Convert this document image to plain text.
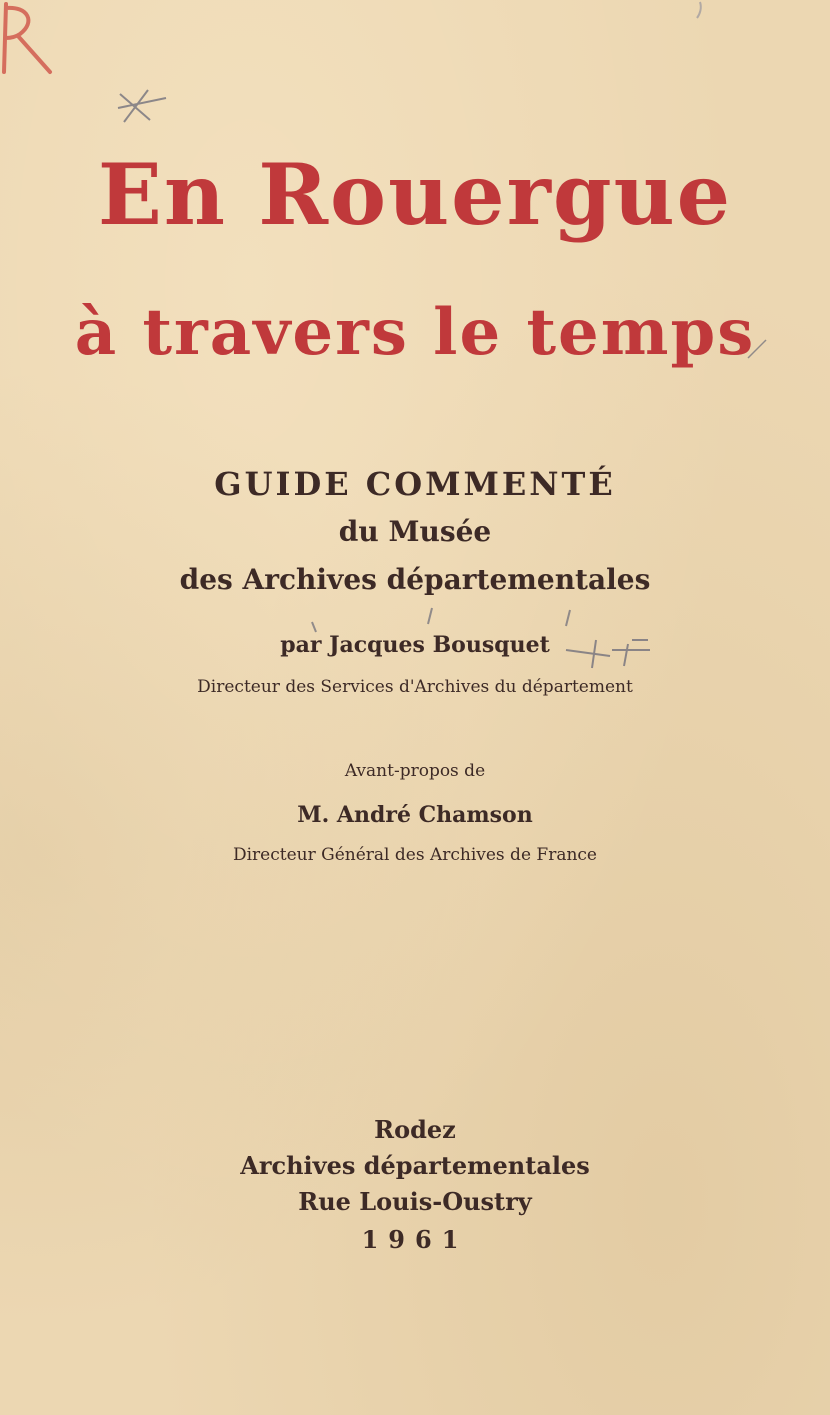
En Rouergue
à travers le temps
GUIDE COMMENTÉ
du Musée
des Archives départementales
par Jacques Bousquet
Directeur des Services d'Archives du département
Avant-propos de
M. André Chamson
Directeur Général des Archives de France
Rodez
Archives départementales
Rue Louis-Oustry
1961
